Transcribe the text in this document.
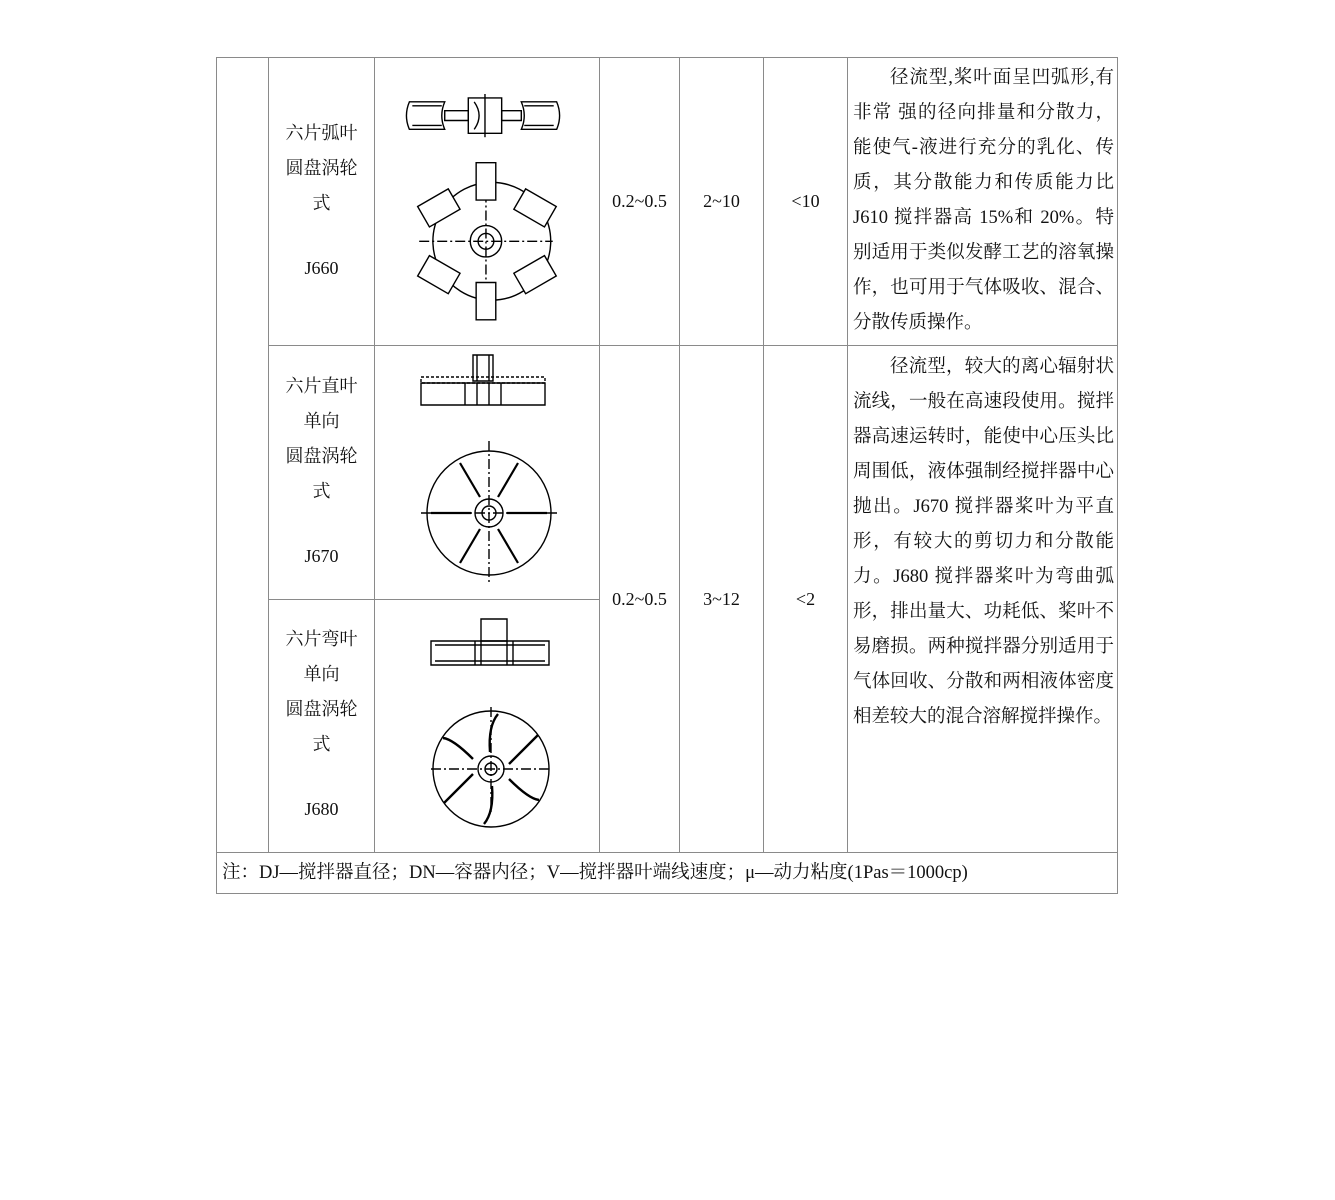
六片弧叶
圆盘涡轮
式
J660
0.2~0.5	2~10	<10
径流型,桨叶面呈凹弧形,有非常 强的径向排量和分散力，能使气-液进行充分的乳化、传质，其分散能力和传质能力比 J610 搅拌器高 15%和 20%。特别适用于类似发酵工艺的溶氧操作，也可用于气体吸收、混合、分散传质操作。
六片直叶
单向
圆盘涡轮
式
J670
0.2~0.5	3~12	<2
径流型，较大的离心辐射状流线，一般在高速段使用。搅拌器高速运转时，能使中心压头比周围低，液体强制经搅拌器中心抛出。J670 搅拌器桨叶为平直形，有较大的剪切力和分散能力。J680 搅拌器桨叶为弯曲弧形，排出量大、功耗低、桨叶不易磨损。两种搅拌器分别适用于气体回收、分散和两相液体密度相差较大的混合溶解搅拌操作。
六片弯叶
单向
圆盘涡轮
式
J680
注：DJ—搅拌器直径；DN—容器内径；V—搅拌器叶端线速度；μ—动力粘度(1Pas＝1000cp)
